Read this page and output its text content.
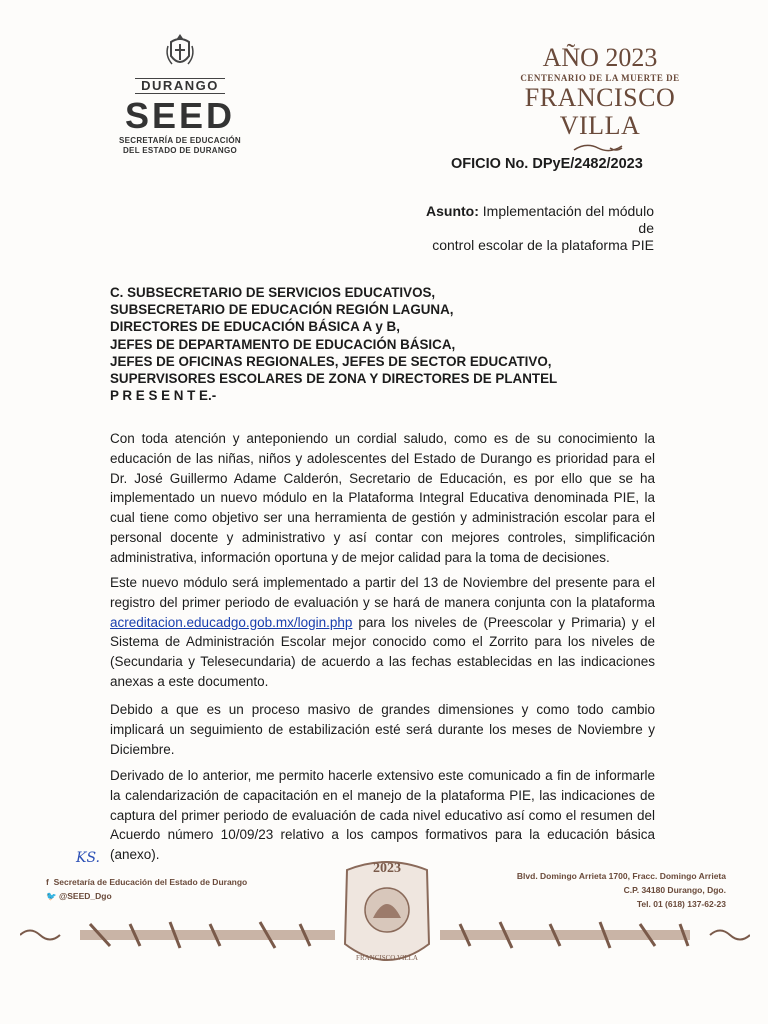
DURANGO
SEED
SECRETARÍA DE EDUCACIÓN
DEL ESTADO DE DURANGO
AÑO 2023
CENTENARIO DE LA MUERTE DE
FRANCISCO VILLA
OFICIO No. DPyE/2482/2023
Asunto: Implementación del módulo de
control escolar de la plataforma PIE
C. SUBSECRETARIO DE SERVICIOS EDUCATIVOS,
SUBSECRETARIO DE EDUCACIÓN REGIÓN LAGUNA,
DIRECTORES DE EDUCACIÓN BÁSICA A y B,
JEFES DE DEPARTAMENTO DE EDUCACIÓN BÁSICA,
JEFES DE OFICINAS REGIONALES, JEFES DE SECTOR EDUCATIVO,
SUPERVISORES ESCOLARES DE ZONA Y DIRECTORES DE PLANTEL
P R E S E N T E.-
Con toda atención y anteponiendo un cordial saludo, como es de su conocimiento la educación de las niñas, niños y adolescentes del Estado de Durango es prioridad para el Dr. José Guillermo Adame Calderón, Secretario de Educación, es por ello que se ha implementado un nuevo módulo en la Plataforma Integral Educativa denominada PIE, la cual tiene como objetivo ser una herramienta de gestión y administración escolar para el personal docente y administrativo y así contar con mejores controles, simplificación administrativa, información oportuna y de mejor calidad para la toma de decisiones.
Este nuevo módulo será implementado a partir del 13 de Noviembre del presente para el registro del primer periodo de evaluación y se hará de manera conjunta con la plataforma acreditacion.educadgo.gob.mx/login.php para los niveles de (Preescolar y Primaria) y el Sistema de Administración Escolar mejor conocido como el Zorrito para los niveles de (Secundaria y Telesecundaria) de acuerdo a las fechas establecidas en las indicaciones anexas a este documento.
Debido a que es un proceso masivo de grandes dimensiones y como todo cambio implicará un seguimiento de estabilización esté será durante los meses de Noviembre y Diciembre.
Derivado de lo anterior, me permito hacerle extensivo este comunicado a fin de informarle la calendarización de capacitación en el manejo de la plataforma PIE, las indicaciones de captura del primer periodo de evaluación de cada nivel educativo así como el resumen del Acuerdo número 10/09/23 relativo a los campos formativos para la educación básica (anexo).
KS.
f Secretaría de Educación del Estado de Durango
🐦 @SEED_Dgo
Blvd. Domingo Arrieta 1700, Fracc. Domingo Arrieta
C.P. 34180 Durango, Dgo.
Tel. 01 (618) 137-62-23
2023
FRANCISCO VILLA
